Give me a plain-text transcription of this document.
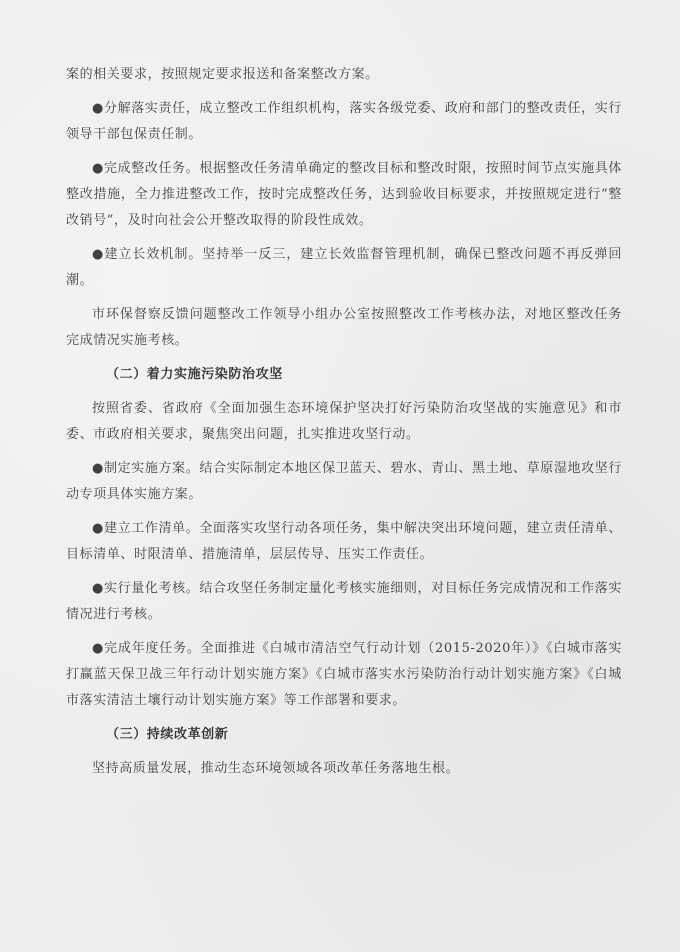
案的相关要求，按照规定要求报送和备案整改方案。
●分解落实责任，成立整改工作组织机构，落实各级党委、政府和部门的整改责任，实行领导干部包保责任制。
●完成整改任务。根据整改任务清单确定的整改目标和整改时限，按照时间节点实施具体整改措施，全力推进整改工作，按时完成整改任务，达到验收目标要求，并按照规定进行“整改销号”，及时向社会公开整改取得的阶段性成效。
●建立长效机制。坚持举一反三，建立长效监督管理机制，确保已整改问题不再反弹回潮。
市环保督察反馈问题整改工作领导小组办公室按照整改工作考核办法，对地区整改任务完成情况实施考核。
（二）着力实施污染防治攻坚
按照省委、省政府《全面加强生态环境保护坚决打好污染防治攻坚战的实施意见》和市委、市政府相关要求，聚焦突出问题，扎实推进攻坚行动。
●制定实施方案。结合实际制定本地区保卫蓝天、碧水、青山、黑土地、草原湿地攻坚行动专项具体实施方案。
●建立工作清单。全面落实攻坚行动各项任务，集中解决突出环境问题，建立责任清单、目标清单、时限清单、措施清单，层层传导、压实工作责任。
●实行量化考核。结合攻坚任务制定量化考核实施细则，对目标任务完成情况和工作落实情况进行考核。
●完成年度任务。全面推进《白城市清洁空气行动计划（2015-2020年）》《白城市落实打赢蓝天保卫战三年行动计划实施方案》《白城市落实水污染防治行动计划实施方案》《白城市落实清洁土壤行动计划实施方案》等工作部署和要求。
（三）持续改革创新
坚持高质量发展，推动生态环境领域各项改革任务落地生根。
